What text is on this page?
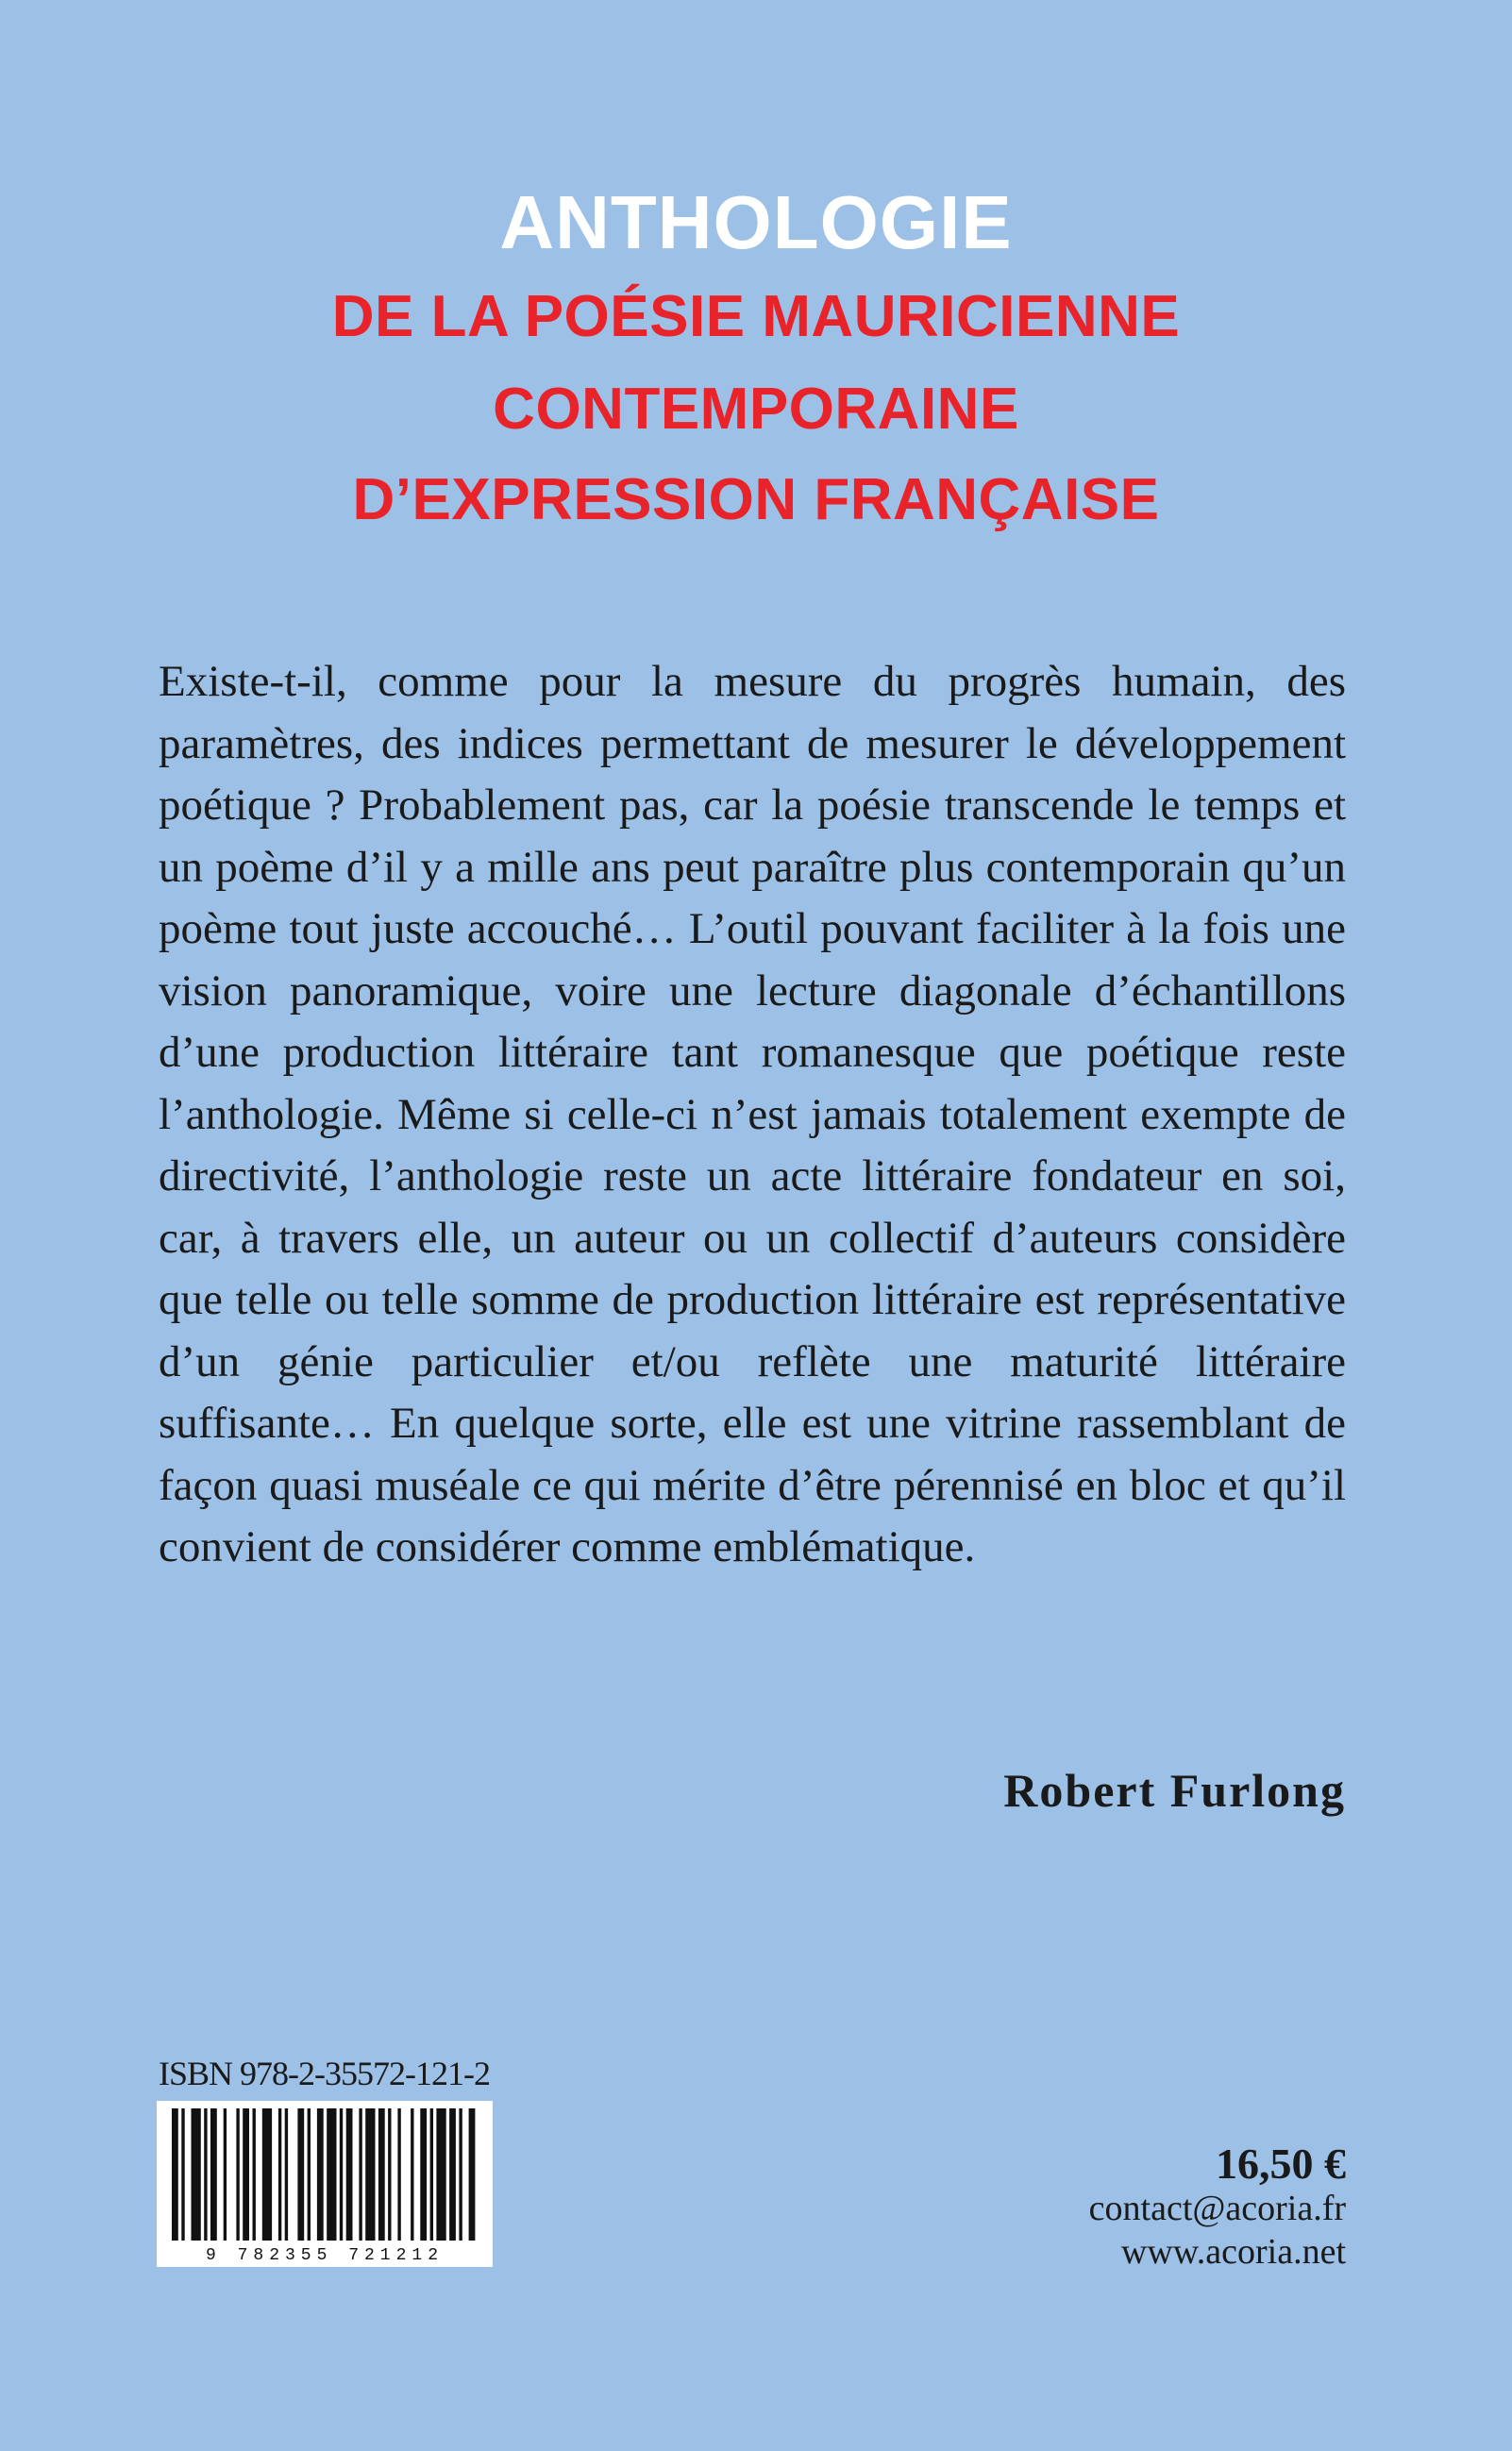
ANTHOLOGIE
DE LA POÉSIE MAURICIENNE
CONTEMPORAINE
D’EXPRESSION FRANÇAISE
Existe-t-il, comme pour la mesure du progrès humain, des paramètres, des indices permettant de mesurer le développement poétique ? Probablement pas, car la poésie transcende le temps et un poème d’il y a mille ans peut paraître plus contemporain qu’un poème tout juste accouché… L’outil pouvant faciliter à la fois une vision panoramique, voire une lecture diagonale d’échantillons d’une production littéraire tant romanesque que poétique reste l’anthologie. Même si celle-ci n’est jamais totalement exempte de directivité, l’anthologie reste un acte littéraire fondateur en soi, car, à travers elle, un auteur ou un collectif d’auteurs considère que telle ou telle somme de production littéraire est représentative d’un génie particulier et/ou reflète une maturité littéraire suffisante… En quelque sorte, elle est une vitrine rassemblant de façon quasi muséale ce qui mérite d’être pérennisé en bloc et qu’il convient de considérer comme emblématique.
Robert Furlong
ISBN 978-2-35572-121-2
9 782355 721212
16,50 €
contact@acoria.fr
www.acoria.net
